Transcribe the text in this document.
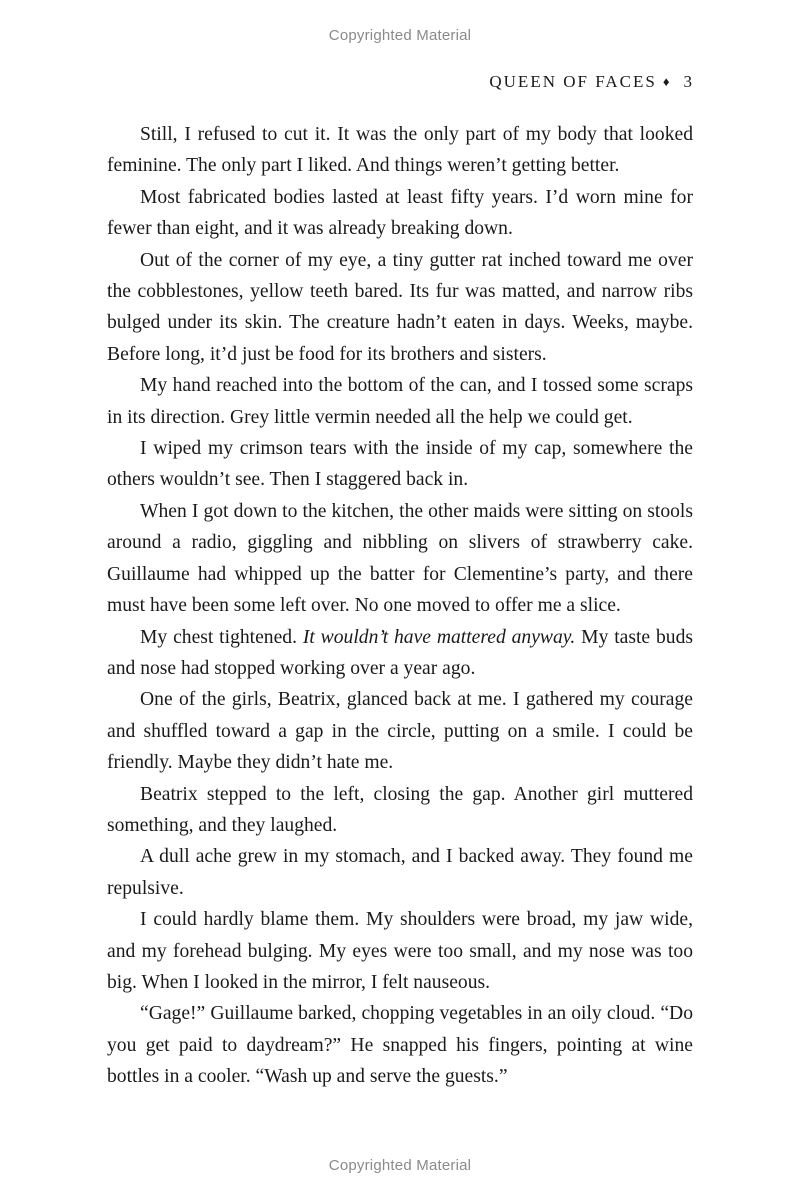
Copyrighted Material
QUEEN OF FACES ♦ 3

Still, I refused to cut it. It was the only part of my body that looked feminine. The only part I liked. And things weren’t getting better.

Most fabricated bodies lasted at least fifty years. I’d worn mine for fewer than eight, and it was already breaking down.

Out of the corner of my eye, a tiny gutter rat inched toward me over the cobblestones, yellow teeth bared. Its fur was matted, and narrow ribs bulged under its skin. The creature hadn’t eaten in days. Weeks, maybe. Before long, it’d just be food for its brothers and sisters.

My hand reached into the bottom of the can, and I tossed some scraps in its direction. Grey little vermin needed all the help we could get.

I wiped my crimson tears with the inside of my cap, somewhere the others wouldn’t see. Then I staggered back in.

When I got down to the kitchen, the other maids were sitting on stools around a radio, giggling and nibbling on slivers of strawberry cake. Guillaume had whipped up the batter for Clementine’s party, and there must have been some left over. No one moved to offer me a slice.

My chest tightened. It wouldn’t have mattered anyway. My taste buds and nose had stopped working over a year ago.

One of the girls, Beatrix, glanced back at me. I gathered my courage and shuffled toward a gap in the circle, putting on a smile. I could be friendly. Maybe they didn’t hate me.

Beatrix stepped to the left, closing the gap. Another girl muttered something, and they laughed.

A dull ache grew in my stomach, and I backed away. They found me repulsive.

I could hardly blame them. My shoulders were broad, my jaw wide, and my forehead bulging. My eyes were too small, and my nose was too big. When I looked in the mirror, I felt nauseous.

“Gage!” Guillaume barked, chopping vegetables in an oily cloud. “Do you get paid to daydream?” He snapped his fingers, pointing at wine bottles in a cooler. “Wash up and serve the guests.”

Copyrighted Material
